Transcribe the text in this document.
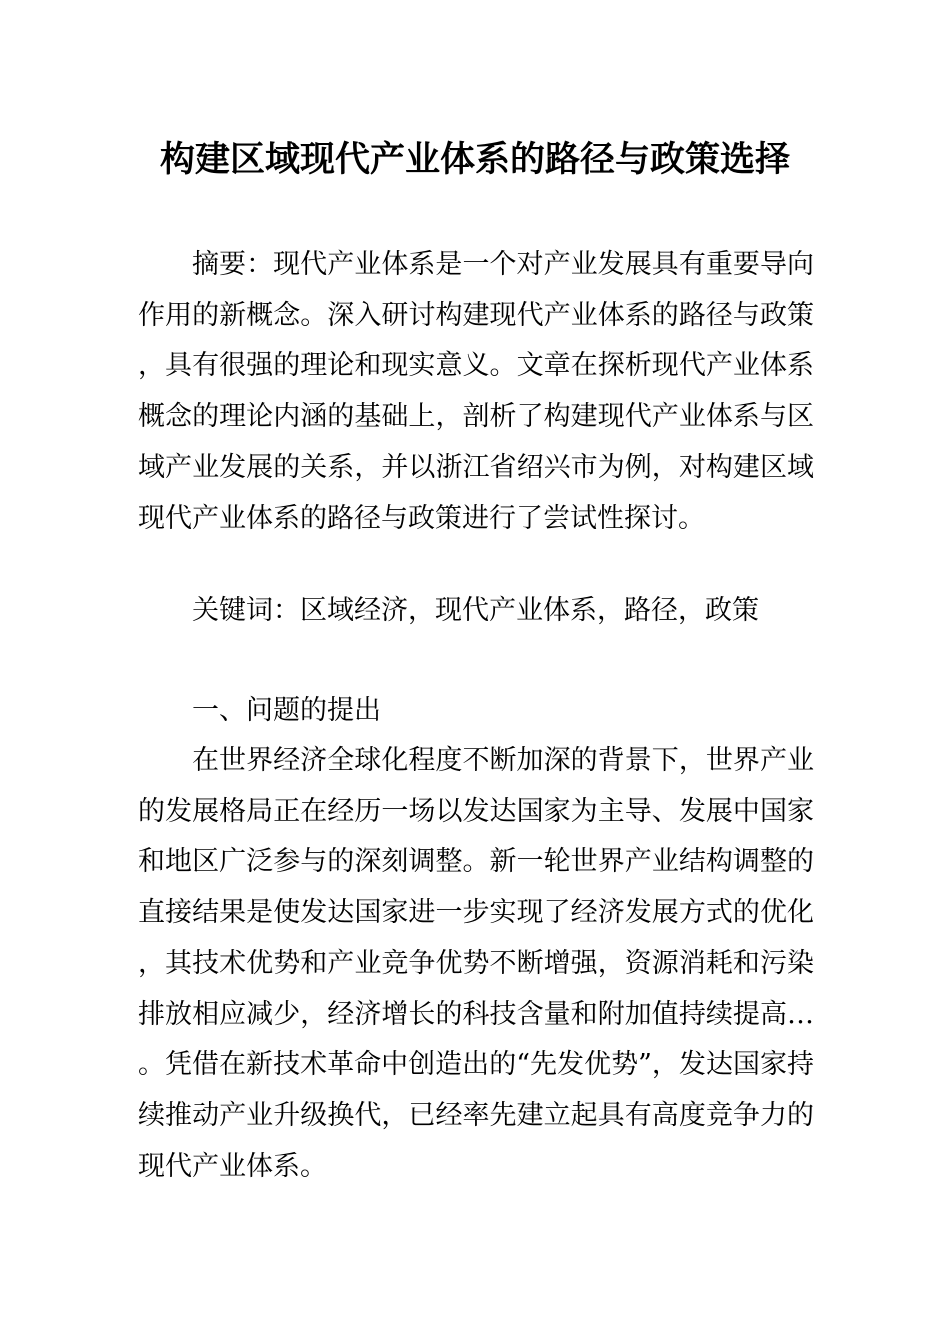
构建区域现代产业体系的路径与政策选择
摘要：现代产业体系是一个对产业发展具有重要导向作用的新概念。深入研讨构建现代产业体系的路径与政策，具有很强的理论和现实意义。文章在探析现代产业体系概念的理论内涵的基础上，剖析了构建现代产业体系与区域产业发展的关系，并以浙江省绍兴市为例，对构建区域现代产业体系的路径与政策进行了尝试性探讨。
关键词：区域经济，现代产业体系，路径，政策
一、问题的提出
在世界经济全球化程度不断加深的背景下，世界产业的发展格局正在经历一场以发达国家为主导、发展中国家和地区广泛参与的深刻调整。新一轮世界产业结构调整的直接结果是使发达国家进一步实现了经济发展方式的优化，其技术优势和产业竞争优势不断增强，资源消耗和污染排放相应减少，经济增长的科技含量和附加值持续提高…。凭借在新技术革命中创造出的“先发优势”，发达国家持续推动产业升级换代，已经率先建立起具有高度竞争力的现代产业体系。
